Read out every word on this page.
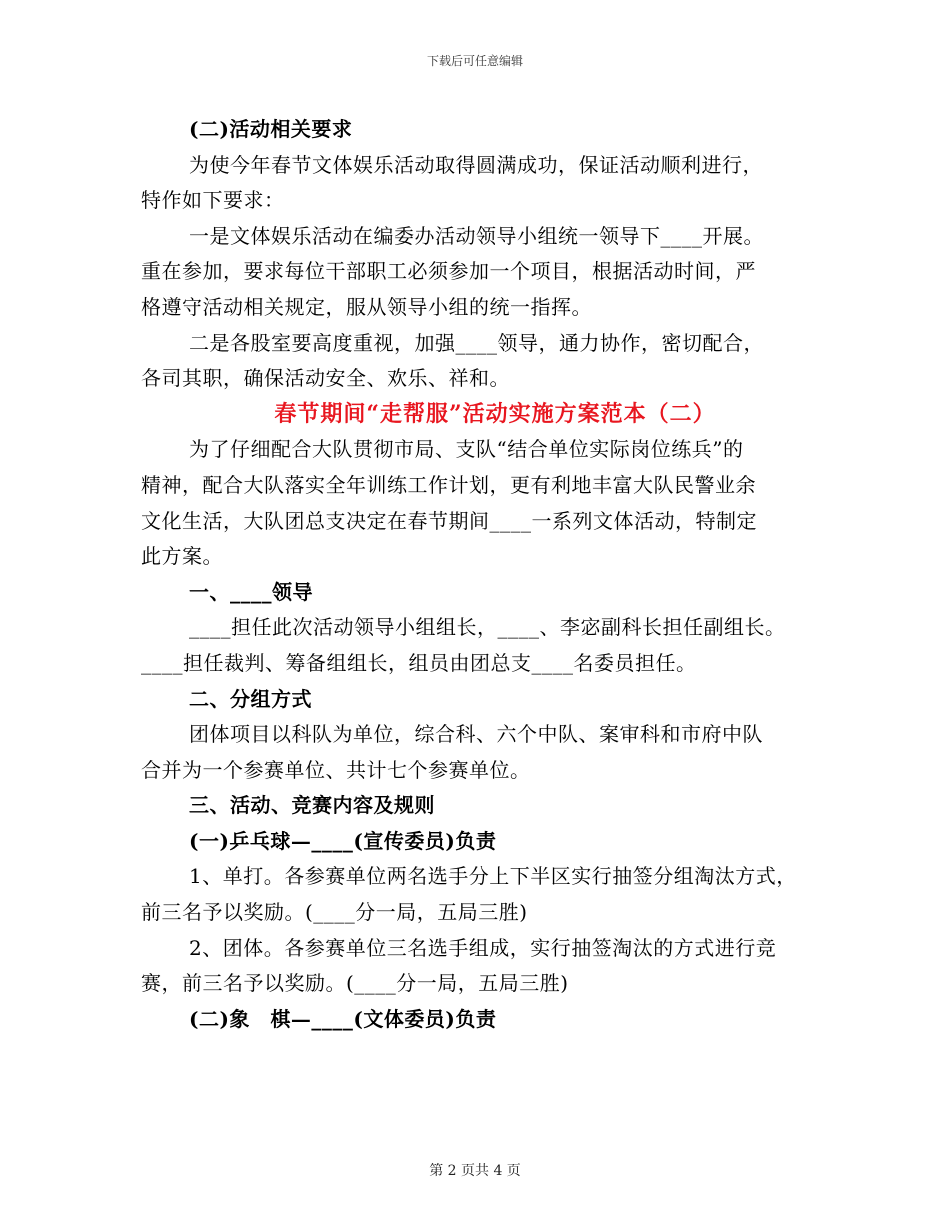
下载后可任意编辑
(二)活动相关要求
为使今年春节文体娱乐活动取得圆满成功，保证活动顺利进行，
特作如下要求：
一是文体娱乐活动在编委办活动领导小组统一领导下____开展。
重在参加，要求每位干部职工必须参加一个项目，根据活动时间，严
格遵守活动相关规定，服从领导小组的统一指挥。
二是各股室要高度重视，加强____领导，通力协作，密切配合，
各司其职，确保活动安全、欢乐、祥和。
春节期间“走帮服”活动实施方案范本（二）
为了仔细配合大队贯彻市局、支队“结合单位实际岗位练兵”的
精神，配合大队落实全年训练工作计划，更有利地丰富大队民警业余
文化生活，大队团总支决定在春节期间____一系列文体活动，特制定
此方案。
一、____领导
____担任此次活动领导小组组长，____、李宓副科长担任副组长。
____担任裁判、筹备组组长，组员由团总支____名委员担任。
二、分组方式
团体项目以科队为单位，综合科、六个中队、案审科和市府中队
合并为一个参赛单位、共计七个参赛单位。
三、活动、竞赛内容及规则
(一)乒乓球—____(宣传委员)负责
1、单打。各参赛单位两名选手分上下半区实行抽签分组淘汰方式，
前三名予以奖励。(____分一局，五局三胜)
2、团体。各参赛单位三名选手组成，实行抽签淘汰的方式进行竞
赛，前三名予以奖励。(____分一局，五局三胜)
(二)象　棋—____(文体委员)负责
第 2 页共 4 页
